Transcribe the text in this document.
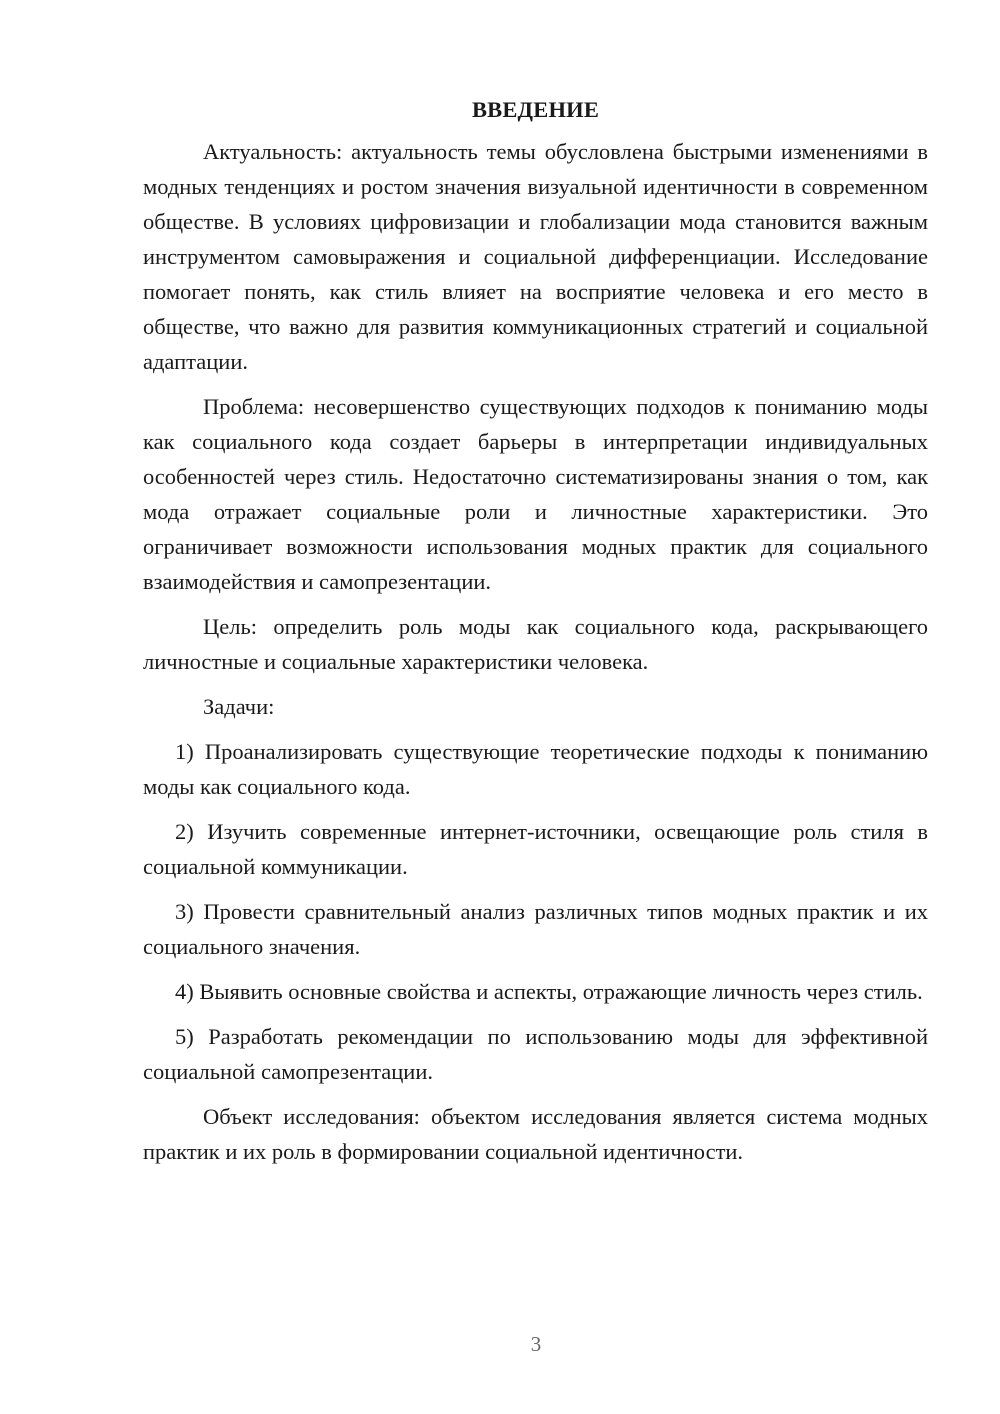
ВВЕДЕНИЕ

Актуальность: актуальность темы обусловлена быстрыми изменениями в модных тенденциях и ростом значения визуальной идентичности в современном обществе. В условиях цифровизации и глобализации мода становится важным инструментом самовыражения и социальной дифференциации. Исследование помогает понять, как стиль влияет на восприятие человека и его место в обществе, что важно для развития коммуникационных стратегий и социальной адаптации.

Проблема: несовершенство существующих подходов к пониманию моды как социального кода создает барьеры в интерпретации индивидуальных особенностей через стиль. Недостаточно систематизированы знания о том, как мода отражает социальные роли и личностные характеристики. Это ограничивает возможности использования модных практик для социального взаимодействия и самопрезентации.

Цель: определить роль моды как социального кода, раскрывающего личностные и социальные характеристики человека.

Задачи:

1) Проанализировать существующие теоретические подходы к пониманию моды как социального кода.

2) Изучить современные интернет-источники, освещающие роль стиля в социальной коммуникации.

3) Провести сравнительный анализ различных типов модных практик и их социального значения.

4) Выявить основные свойства и аспекты, отражающие личность через стиль.

5) Разработать рекомендации по использованию моды для эффективной социальной самопрезентации.

Объект исследования: объектом исследования является система модных практик и их роль в формировании социальной идентичности.

3
